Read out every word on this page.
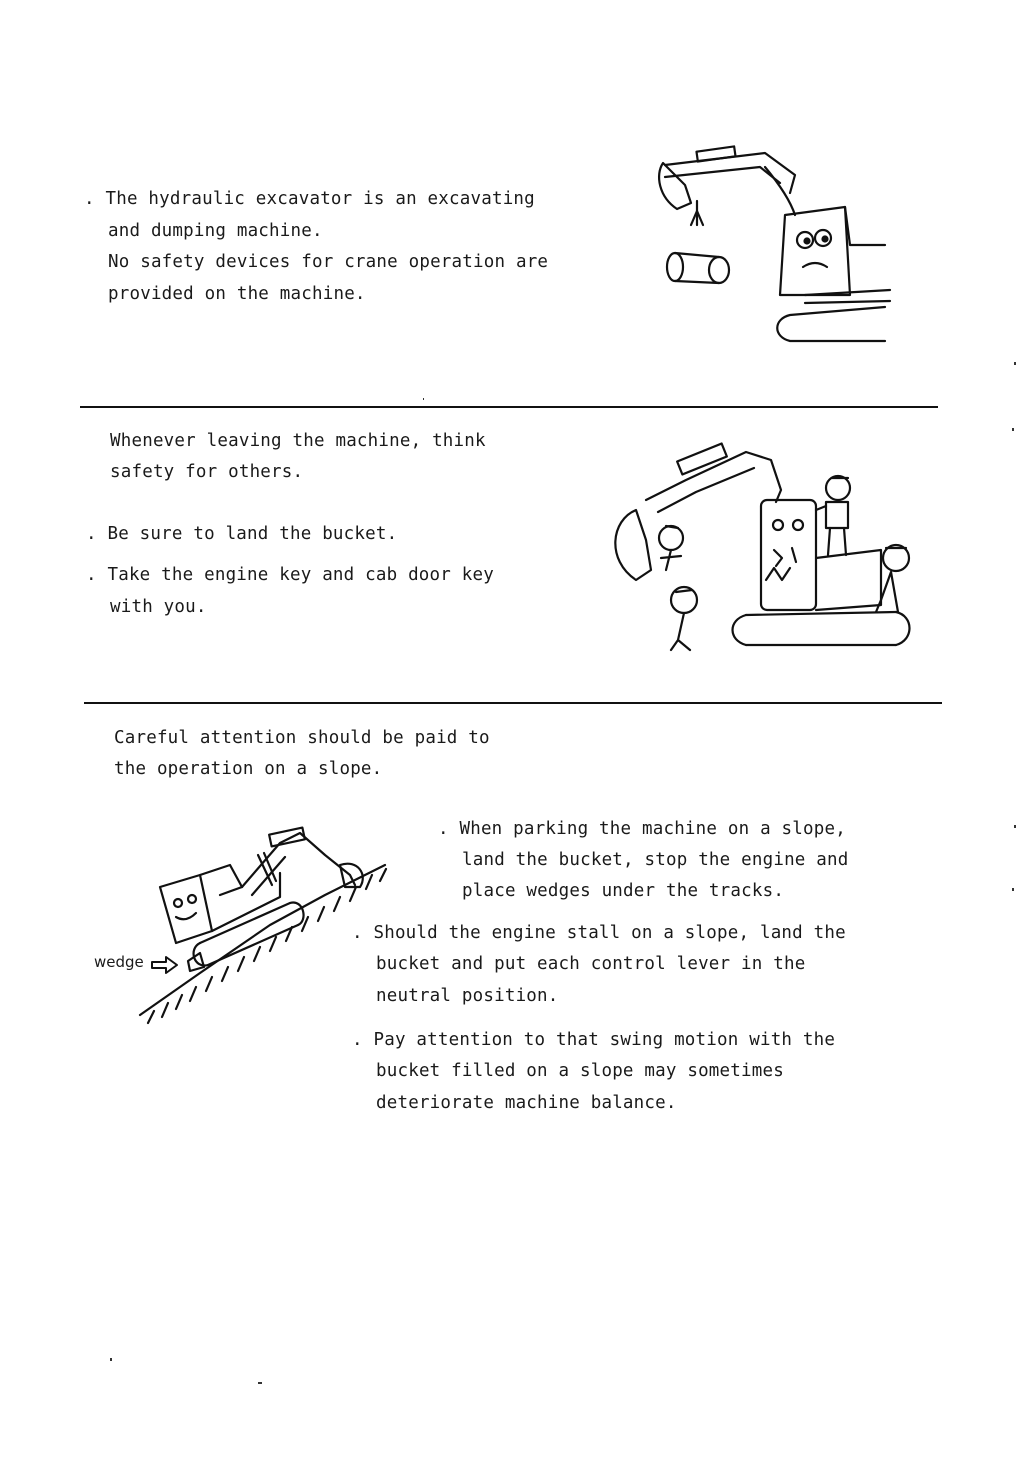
. The hydraulic excavator is an excavating
and dumping machine.
No safety devices for crane operation are
provided on the machine.
Whenever leaving the machine, think
safety for others.
. Be sure to land the bucket.
. Take the engine key and cab door key
with you.
Careful attention should be paid to
the operation on a slope.
. When parking the machine on a slope,
land the bucket, stop the engine and
place wedges under the tracks.
. Should the engine stall on a slope, land the
bucket and put each control lever in the
neutral position.
. Pay attention to that swing motion with the
bucket filled on a slope may sometimes
deteriorate machine balance.
wedge
